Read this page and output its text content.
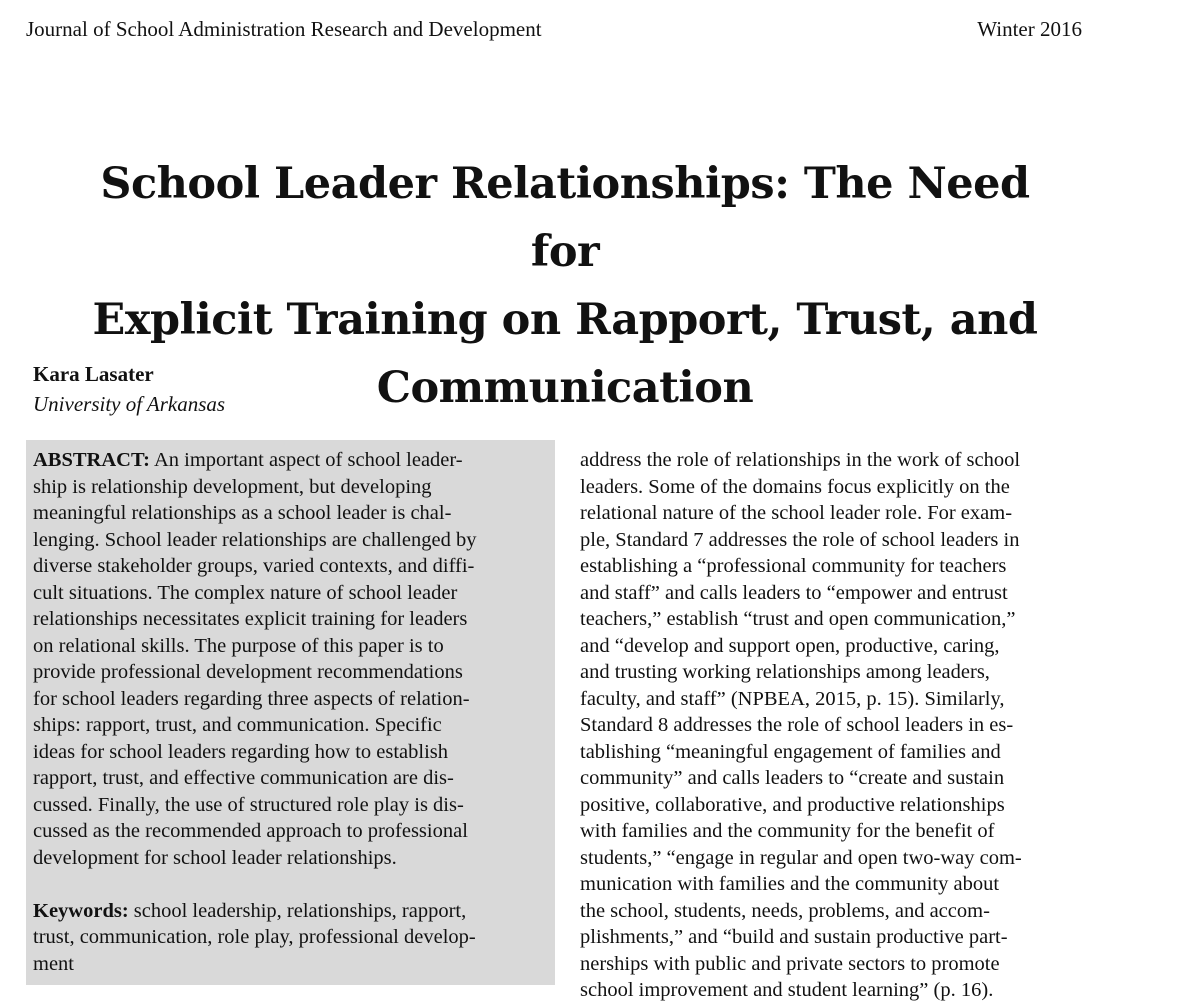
Journal of School Administration Research and Development	Winter 2016
School Leader Relationships: The Need for
Explicit Training on Rapport, Trust, and
Communication
Kara Lasater
University of Arkansas

ABSTRACT: An important aspect of school leader-
ship is relationship development, but developing
meaningful relationships as a school leader is chal-
lenging. School leader relationships are challenged by
diverse stakeholder groups, varied contexts, and diffi-
cult situations. The complex nature of school leader
relationships necessitates explicit training for leaders
on relational skills. The purpose of this paper is to
provide professional development recommendations
for school leaders regarding three aspects of relation-
ships: rapport, trust, and communication. Specific
ideas for school leaders regarding how to establish
rapport, trust, and effective communication are dis-
cussed. Finally, the use of structured role play is dis-
cussed as the recommended approach to professional
development for school leader relationships.

Keywords: school leadership, relationships, rapport,
trust, communication, role play, professional develop-
ment

address the role of relationships in the work of school
leaders. Some of the domains focus explicitly on the
relational nature of the school leader role. For exam-
ple, Standard 7 addresses the role of school leaders in
establishing a “professional community for teachers
and staff” and calls leaders to “empower and entrust
teachers,” establish “trust and open communication,”
and “develop and support open, productive, caring,
and trusting working relationships among leaders,
faculty, and staff” (NPBEA, 2015, p. 15). Similarly,
Standard 8 addresses the role of school leaders in es-
tablishing “meaningful engagement of families and
community” and calls leaders to “create and sustain
positive, collaborative, and productive relationships
with families and the community for the benefit of
students,” “engage in regular and open two-way com-
munication with families and the community about
the school, students, needs, problems, and accom-
plishments,” and “build and sustain productive part-
nerships with public and private sectors to promote
school improvement and student learning” (p. 16).
